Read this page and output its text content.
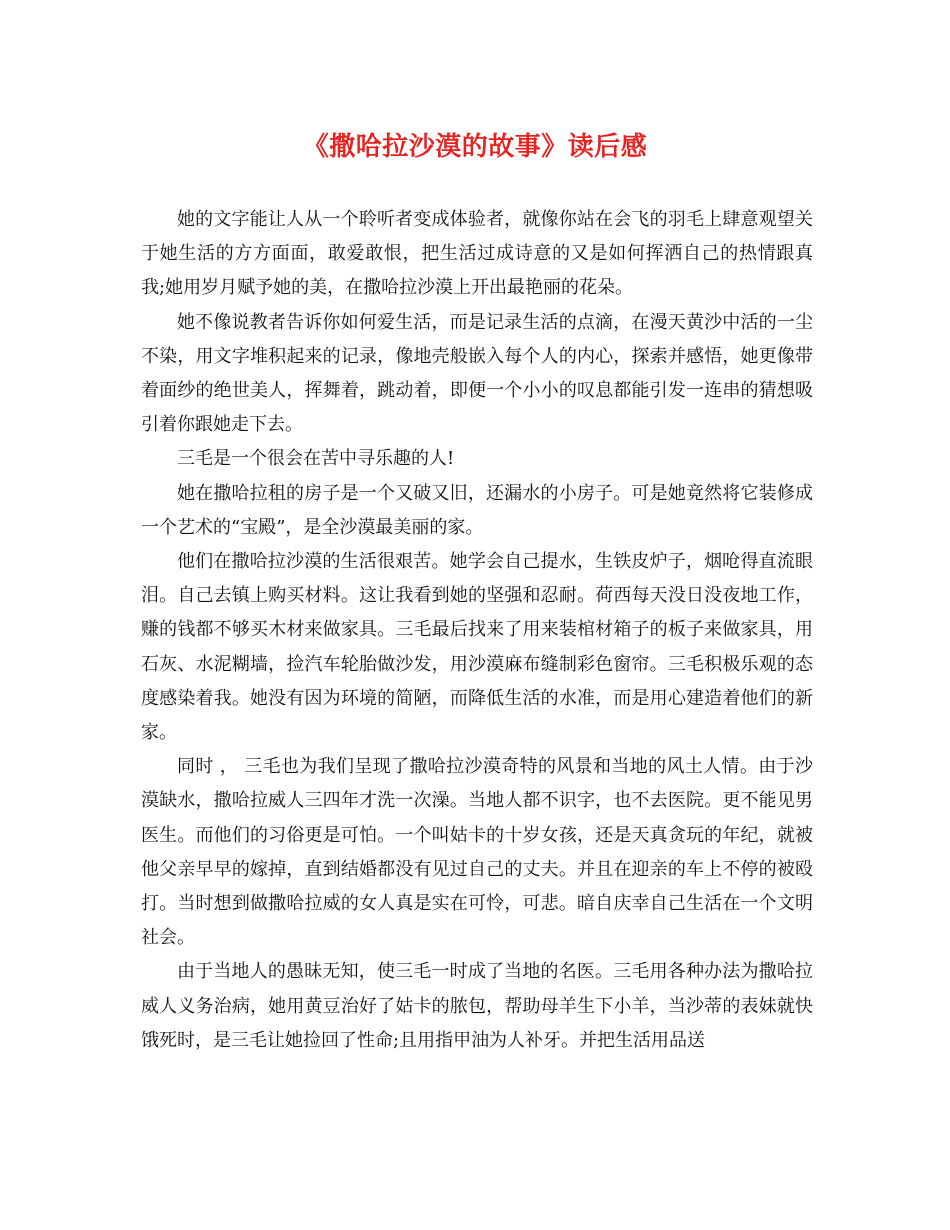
《撒哈拉沙漠的故事》读后感

她的文字能让人从一个聆听者变成体验者，就像你站在会飞的羽毛上肆意观望关于她生活的方方面面，敢爱敢恨，把生活过成诗意的又是如何挥洒自己的热情跟真我;她用岁月赋予她的美，在撒哈拉沙漠上开出最艳丽的花朵。

她不像说教者告诉你如何爱生活，而是记录生活的点滴，在漫天黄沙中活的一尘不染，用文字堆积起来的记录，像地壳般嵌入每个人的内心，探索并感悟，她更像带着面纱的绝世美人，挥舞着，跳动着，即便一个小小的叹息都能引发一连串的猜想吸引着你跟她走下去。

三毛是一个很会在苦中寻乐趣的人!

她在撒哈拉租的房子是一个又破又旧，还漏水的小房子。可是她竟然将它装修成一个艺术的“宝殿”，是全沙漠最美丽的家。

他们在撒哈拉沙漠的生活很艰苦。她学会自己提水，生铁皮炉子，烟呛得直流眼泪。自己去镇上购买材料。这让我看到她的坚强和忍耐。荷西每天没日没夜地工作，赚的钱都不够买木材来做家具。三毛最后找来了用来装棺材箱子的板子来做家具，用石灰、水泥糊墙，捡汽车轮胎做沙发，用沙漠麻布缝制彩色窗帘。三毛积极乐观的态度感染着我。她没有因为环境的简陋，而降低生活的水准，而是用心建造着他们的新家。

同时 ， 三毛也为我们呈现了撒哈拉沙漠奇特的风景和当地的风土人情。由于沙漠缺水，撒哈拉威人三四年才洗一次澡。当地人都不识字，也不去医院。更不能见男医生。而他们的习俗更是可怕。一个叫姑卡的十岁女孩，还是天真贪玩的年纪，就被他父亲早早的嫁掉，直到结婚都没有见过自己的丈夫。并且在迎亲的车上不停的被殴打。当时想到做撒哈拉威的女人真是实在可怜，可悲。暗自庆幸自己生活在一个文明社会。

由于当地人的愚昧无知，使三毛一时成了当地的名医。三毛用各种办法为撒哈拉威人义务治病，她用黄豆治好了姑卡的脓包，帮助母羊生下小羊，当沙蒂的表妹就快饿死时，是三毛让她捡回了性命;且用指甲油为人补牙。并把生活用品送
